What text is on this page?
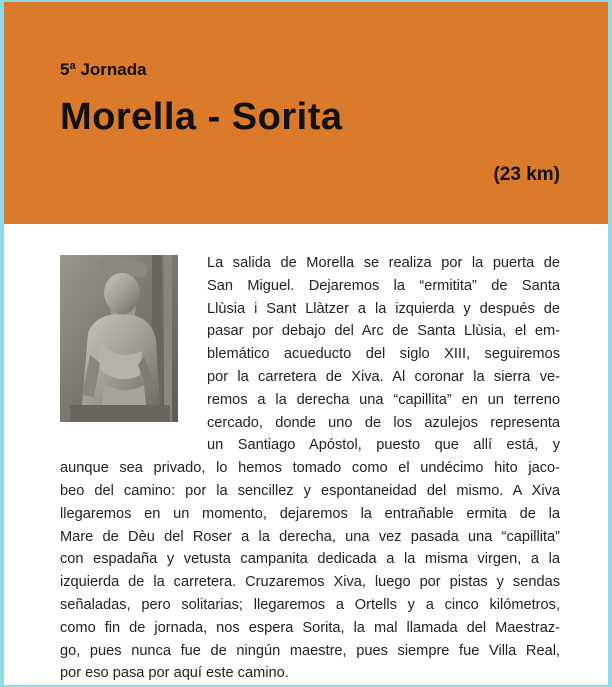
5ª Jornada
Morella - Sorita
(23 km)
La salida de Morella se realiza por la puerta de
San Miguel. Dejaremos la “ermitita” de Santa
Llùsia i Sant Llàtzer a la izquierda y después de
pasar por debajo del Arc de Santa Llùsia, el em-
blemático acueducto del siglo XIII, seguiremos
por la carretera de Xiva. Al coronar la sierra ve-
remos a la derecha una “capillita” en un terreno
cercado, donde uno de los azulejos representa
un Santiago Apóstol, puesto que allí está, y
aunque sea privado, lo hemos tomado como el undécimo hito jaco-
beo del camino: por la sencillez y espontaneidad del mismo. A Xiva
llegaremos en un momento, dejaremos la entrañable ermita de la
Mare de Dèu del Roser a la derecha, una vez pasada una “capillita”
con espadaña y vetusta campanita dedicada a la misma virgen, a la
izquierda de la carretera. Cruzaremos Xiva, luego por pistas y sendas
señaladas, pero solitarias; llegaremos a Ortells y a cinco kilómetros,
como fin de jornada, nos espera Sorita, la mal llamada del Maestraz-
go, pues nunca fue de ningún maestre, pues siempre fue Villa Real,
por eso pasa por aquí este camino.
